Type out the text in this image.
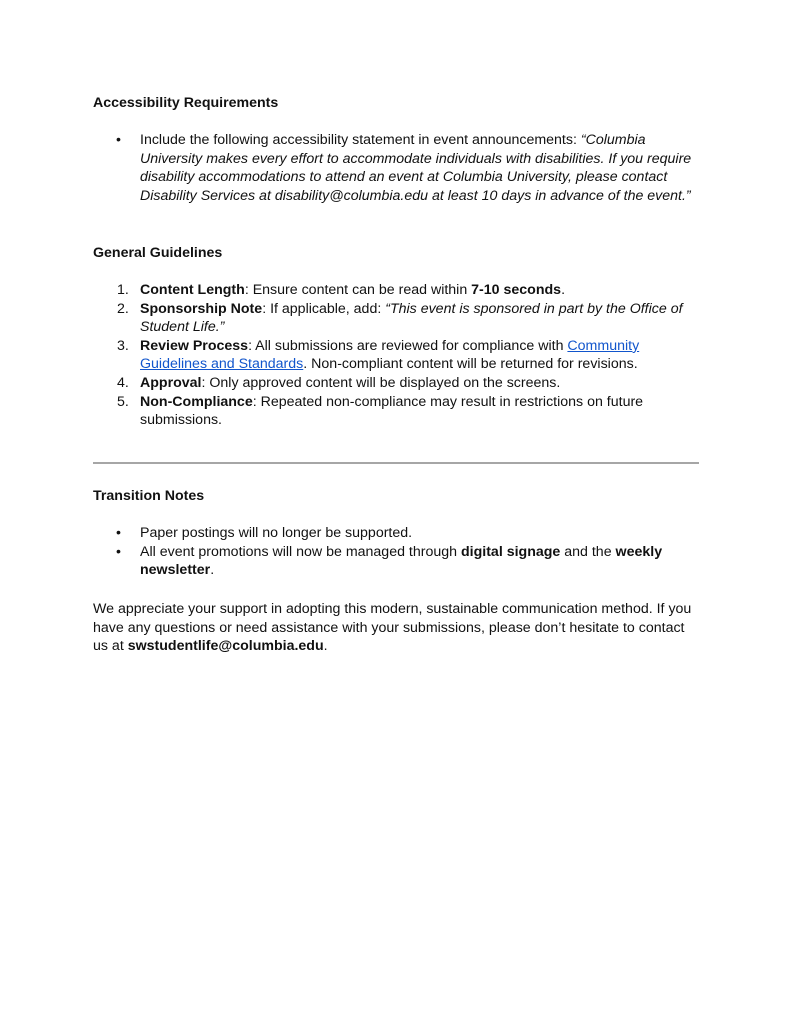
Accessibility Requirements
• Include the following accessibility statement in event announcements: “Columbia University makes every effort to accommodate individuals with disabilities. If you require disability accommodations to attend an event at Columbia University, please contact Disability Services at disability@columbia.edu at least 10 days in advance of the event.”
General Guidelines
1. Content Length: Ensure content can be read within 7-10 seconds.
2. Sponsorship Note: If applicable, add: “This event is sponsored in part by the Office of Student Life.”
3. Review Process: All submissions are reviewed for compliance with Community Guidelines and Standards. Non-compliant content will be returned for revisions.
4. Approval: Only approved content will be displayed on the screens.
5. Non-Compliance: Repeated non-compliance may result in restrictions on future submissions.
Transition Notes
• Paper postings will no longer be supported.
• All event promotions will now be managed through digital signage and the weekly newsletter.

We appreciate your support in adopting this modern, sustainable communication method. If you have any questions or need assistance with your submissions, please don’t hesitate to contact us at swstudentlife@columbia.edu.
